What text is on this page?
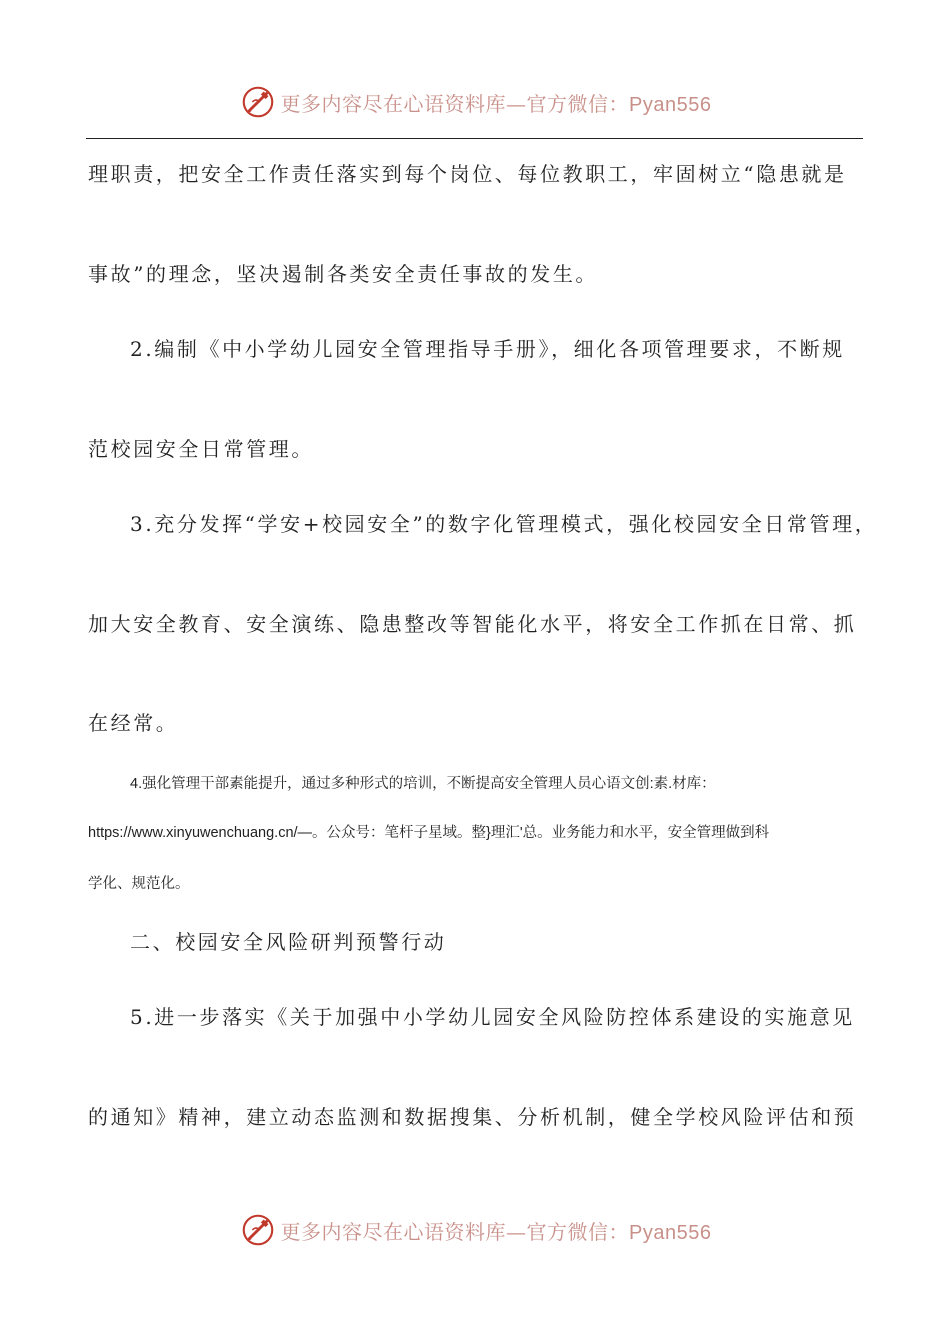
更多内容尽在心语资料库—官方微信：Pyan556
理职责，把安全工作责任落实到每个岗位、每位教职工，牢固树立“隐患就是
事故”的理念，坚决遏制各类安全责任事故的发生。
2.编制《中小学幼儿园安全管理指导手册》，细化各项管理要求，不断规
范校园安全日常管理。
3.充分发挥“学安+校园安全”的数字化管理模式，强化校园安全日常管理，
加大安全教育、安全演练、隐患整改等智能化水平，将安全工作抓在日常、抓
在经常。
4.强化管理干部素能提升，通过多种形式的培训，不断提高安全管理人员心语文创:素.材库：
https://www.xinyuwenchuang.cn/—。公众号：笔杆子星域。整}理汇'总。业务能力和水平，安全管理做到科
学化、规范化。
二、校园安全风险研判预警行动
5.进一步落实《关于加强中小学幼儿园安全风险防控体系建设的实施意见
的通知》精神，建立动态监测和数据搜集、分析机制，健全学校风险评估和预
更多内容尽在心语资料库—官方微信：Pyan556
